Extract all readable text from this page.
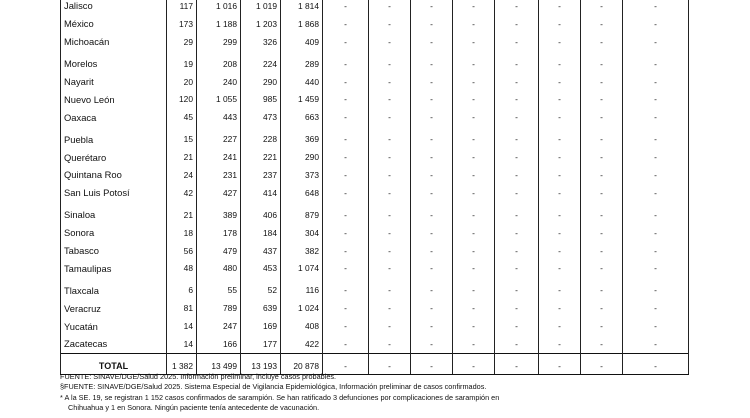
Jalisco	117	1 016	1 019	1 814	-	-	-	-	-	-	-	-
México	173	1 188	1 203	1 868	-	-	-	-	-	-	-	-
Michoacán	29	299	326	409	-	-	-	-	-	-	-	-
Morelos	19	208	224	289	-	-	-	-	-	-	-	-
Nayarit	20	240	290	440	-	-	-	-	-	-	-	-
Nuevo León	120	1 055	985	1 459	-	-	-	-	-	-	-	-
Oaxaca	45	443	473	663	-	-	-	-	-	-	-	-
Puebla	15	227	228	369	-	-	-	-	-	-	-	-
Querétaro	21	241	221	290	-	-	-	-	-	-	-	-
Quintana Roo	24	231	237	373	-	-	-	-	-	-	-	-
San Luis Potosí	42	427	414	648	-	-	-	-	-	-	-	-
Sinaloa	21	389	406	879	-	-	-	-	-	-	-	-
Sonora	18	178	184	304	-	-	-	-	-	-	-	-
Tabasco	56	479	437	382	-	-	-	-	-	-	-	-
Tamaulipas	48	480	453	1 074	-	-	-	-	-	-	-	-
Tlaxcala	6	55	52	116	-	-	-	-	-	-	-	-
Veracruz	81	789	639	1 024	-	-	-	-	-	-	-	-
Yucatán	14	247	169	408	-	-	-	-	-	-	-	-
Zacatecas	14	166	177	422	-	-	-	-	-	-	-	-
TOTAL	1 382	13 499	13 193	20 878	-	-	-	-	-	-	-	-

FUENTE: SINAVE/DGE/Salud 2025. Información preliminar, incluye casos probables.

§FUENTE: SINAVE/DGE/Salud 2025. Sistema Especial de Vigilancia Epidemiológica, Información preliminar de casos confirmados.

* A la SE. 19, se registran 1 152 casos confirmados de sarampión. Se han ratificado 3 defunciones por complicaciones de sarampión en

Chihuahua y 1 en Sonora. Ningún paciente tenía antecedente de vacunación.
